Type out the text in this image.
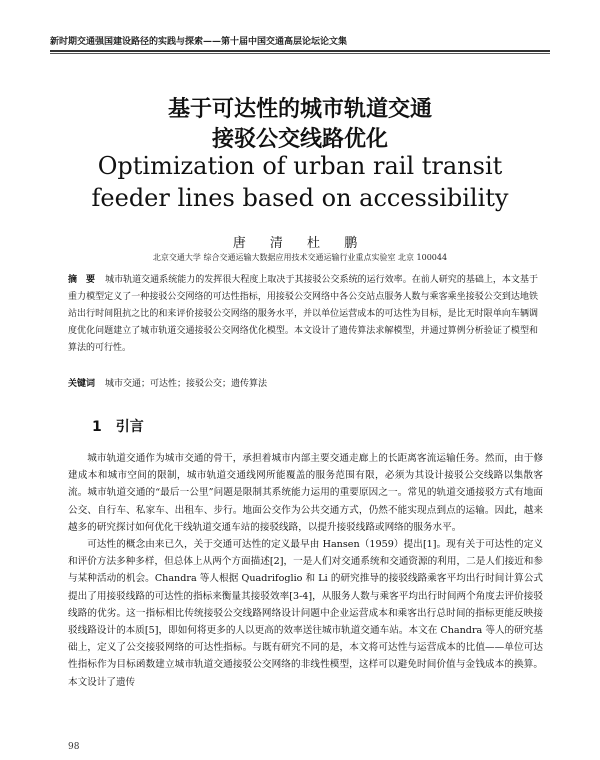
新时期交通强国建设路径的实践与探索——第十届中国交通高层论坛论文集
基于可达性的城市轨道交通
接驳公交线路优化
Optimization of urban rail transit
feeder lines based on accessibility
唐 清 杜 鹏
北京交通大学 综合交通运输大数据应用技术交通运输行业重点实验室 北京 100044
摘　要 城市轨道交通系统能力的发挥很大程度上取决于其接驳公交系统的运行效率。在前人研究的基础上，本文基于重力模型定义了一种接驳公交网络的可达性指标，用接驳公交网络中各公交站点服务人数与乘客乘坐接驳公交到达地铁站出行时间阻抗之比的和来评价接驳公交网络的服务水平，并以单位运营成本的可达性为目标，是比无时限单向车辆调度优化问题建立了城市轨道交通接驳公交网络优化模型。本文设计了遗传算法求解模型，并通过算例分析验证了模型和算法的可行性。
关键词 城市交通；可达性；接驳公交；遗传算法
1 引言

城市轨道交通作为城市交通的骨干，承担着城市内部主要交通走廊上的长距离客流运输任务。然而，由于修建成本和城市空间的限制，城市轨道交通线网所能覆盖的服务范围有限，必须为其设计接驳公交线路以集散客流。城市轨道交通的“最后一公里”问题是限制其系统能力运用的重要原因之一。常见的轨道交通接驳方式有地面公交、自行车、私家车、出租车、步行。地面公交作为公共交通方式，仍然不能实现点到点的运输。因此，越来越多的研究探讨如何优化干线轨道交通车站的接驳线路，以提升接驳线路或网络的服务水平。

可达性的概念由来已久，关于交通可达性的定义最早由 Hansen（1959）提出[1]。现有关于可达性的定义和评价方法多种多样，但总体上从两个方面描述[2]，一是人们对交通系统和交通资源的利用，二是人们接近和参与某种活动的机会。Chandra 等人根据 Quadrifoglio 和 Li 的研究推导的接驳线路乘客平均出行时间计算公式提出了用接驳线路的可达性的指标来衡量其接驳效率[3-4]，从服务人数与乘客平均出行时间两个角度去评价接驳线路的优劣。这一指标相比传统接驳公交线路网络设计问题中企业运营成本和乘客出行总时间的指标更能反映接驳线路设计的本质[5]，即如何将更多的人以更高的效率送往城市轨道交通车站。本文在 Chandra 等人的研究基础上，定义了公交接驳网络的可达性指标。与既有研究不同的是，本文将可达性与运营成本的比值——单位可达性指标作为目标函数建立城市轨道交通接驳公交网络的非线性模型，这样可以避免时间价值与金钱成本的换算。本文设计了遗传

98
